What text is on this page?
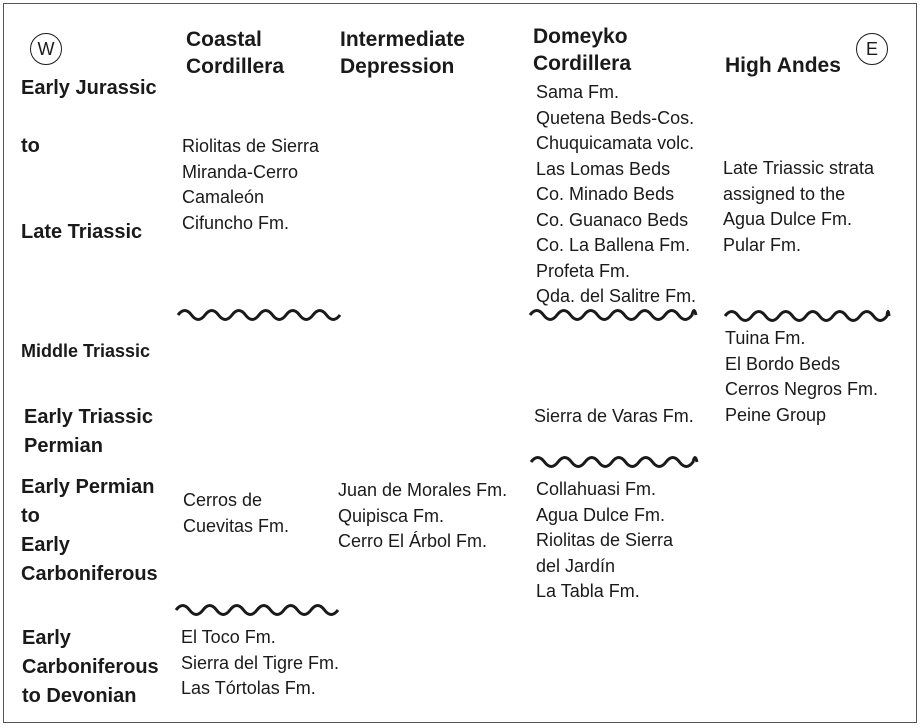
W	E
Coastal
Cordillera
Intermediate
Depression
Domeyko
Cordillera	High Andes
Early Jurassic
to
Late Triassic
Middle Triassic
Early Triassic
Permian
Early Permian
to
Early
Carboniferous
Early
Carboniferous
to Devonian
Riolitas de Sierra
Miranda-Cerro
Camaleón
Cifuncho Fm.
Sama Fm.
Quetena Beds-Cos.
Chuquicamata volc.
Las Lomas Beds
Co. Minado Beds
Co. Guanaco Beds
Co. La Ballena Fm.
Profeta Fm.
Qda. del Salitre Fm.
Late Triassic strata
assigned to the
Agua Dulce Fm.
Pular Fm.
Tuina Fm.
El Bordo Beds
Cerros Negros Fm.
Peine Group
Sierra de Varas Fm.
Cerros de
Cuevitas Fm.
Juan de Morales Fm.
Quipisca Fm.
Cerro El Árbol Fm.
Collahuasi Fm.
Agua Dulce Fm.
Riolitas de Sierra
del Jardín
La Tabla Fm.
El Toco Fm.
Sierra del Tigre Fm.
Las Tórtolas Fm.
